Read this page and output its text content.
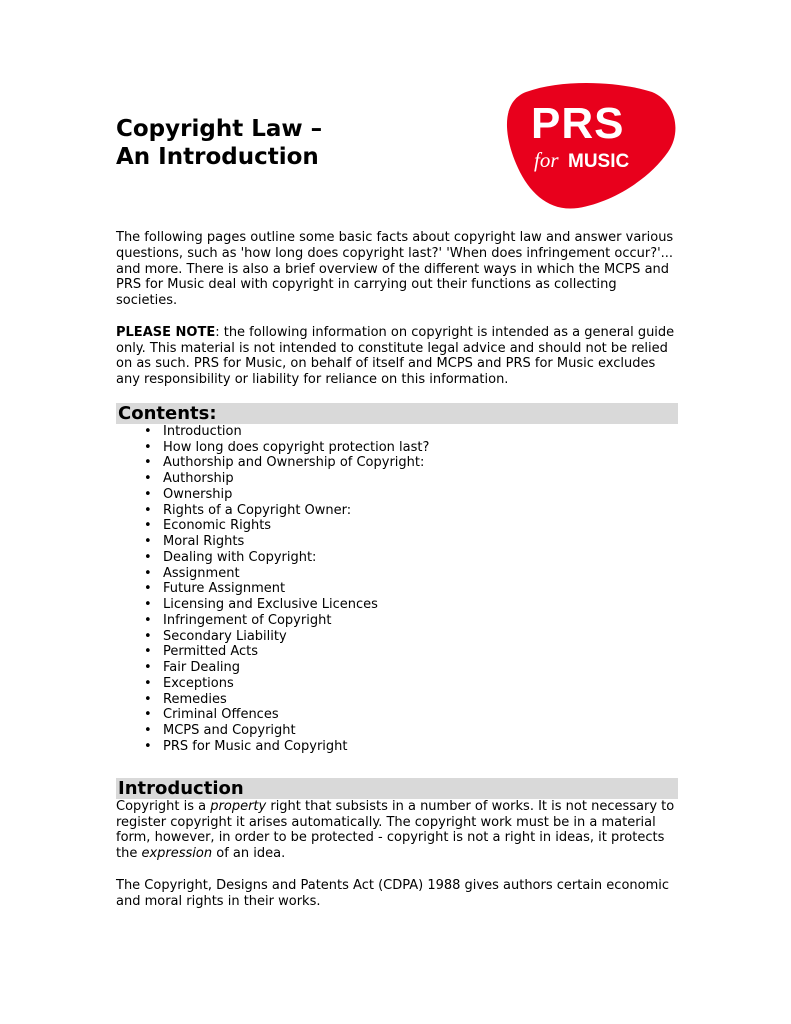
Copyright Law –
An Introduction
PRS
for MUSIC

The following pages outline some basic facts about copyright law and answer various questions, such as 'how long does copyright last?' 'When does infringement occur?'... and more. There is also a brief overview of the different ways in which the MCPS and PRS for Music deal with copyright in carrying out their functions as collecting societies.

PLEASE NOTE: the following information on copyright is intended as a general guide only. This material is not intended to constitute legal advice and should not be relied on as such. PRS for Music, on behalf of itself and MCPS and PRS for Music excludes any responsibility or liability for reliance on this information.

Contents:
• Introduction
• How long does copyright protection last?
• Authorship and Ownership of Copyright:
• Authorship
• Ownership
• Rights of a Copyright Owner:
• Economic Rights
• Moral Rights
• Dealing with Copyright:
• Assignment
• Future Assignment
• Licensing and Exclusive Licences
• Infringement of Copyright
• Secondary Liability
• Permitted Acts
• Fair Dealing
• Exceptions
• Remedies
• Criminal Offences
• MCPS and Copyright
• PRS for Music and Copyright
Introduction

Copyright is a property right that subsists in a number of works. It is not necessary to register copyright it arises automatically. The copyright work must be in a material form, however, in order to be protected - copyright is not a right in ideas, it protects the expression of an idea.

The Copyright, Designs and Patents Act (CDPA) 1988 gives authors certain economic and moral rights in their works.
